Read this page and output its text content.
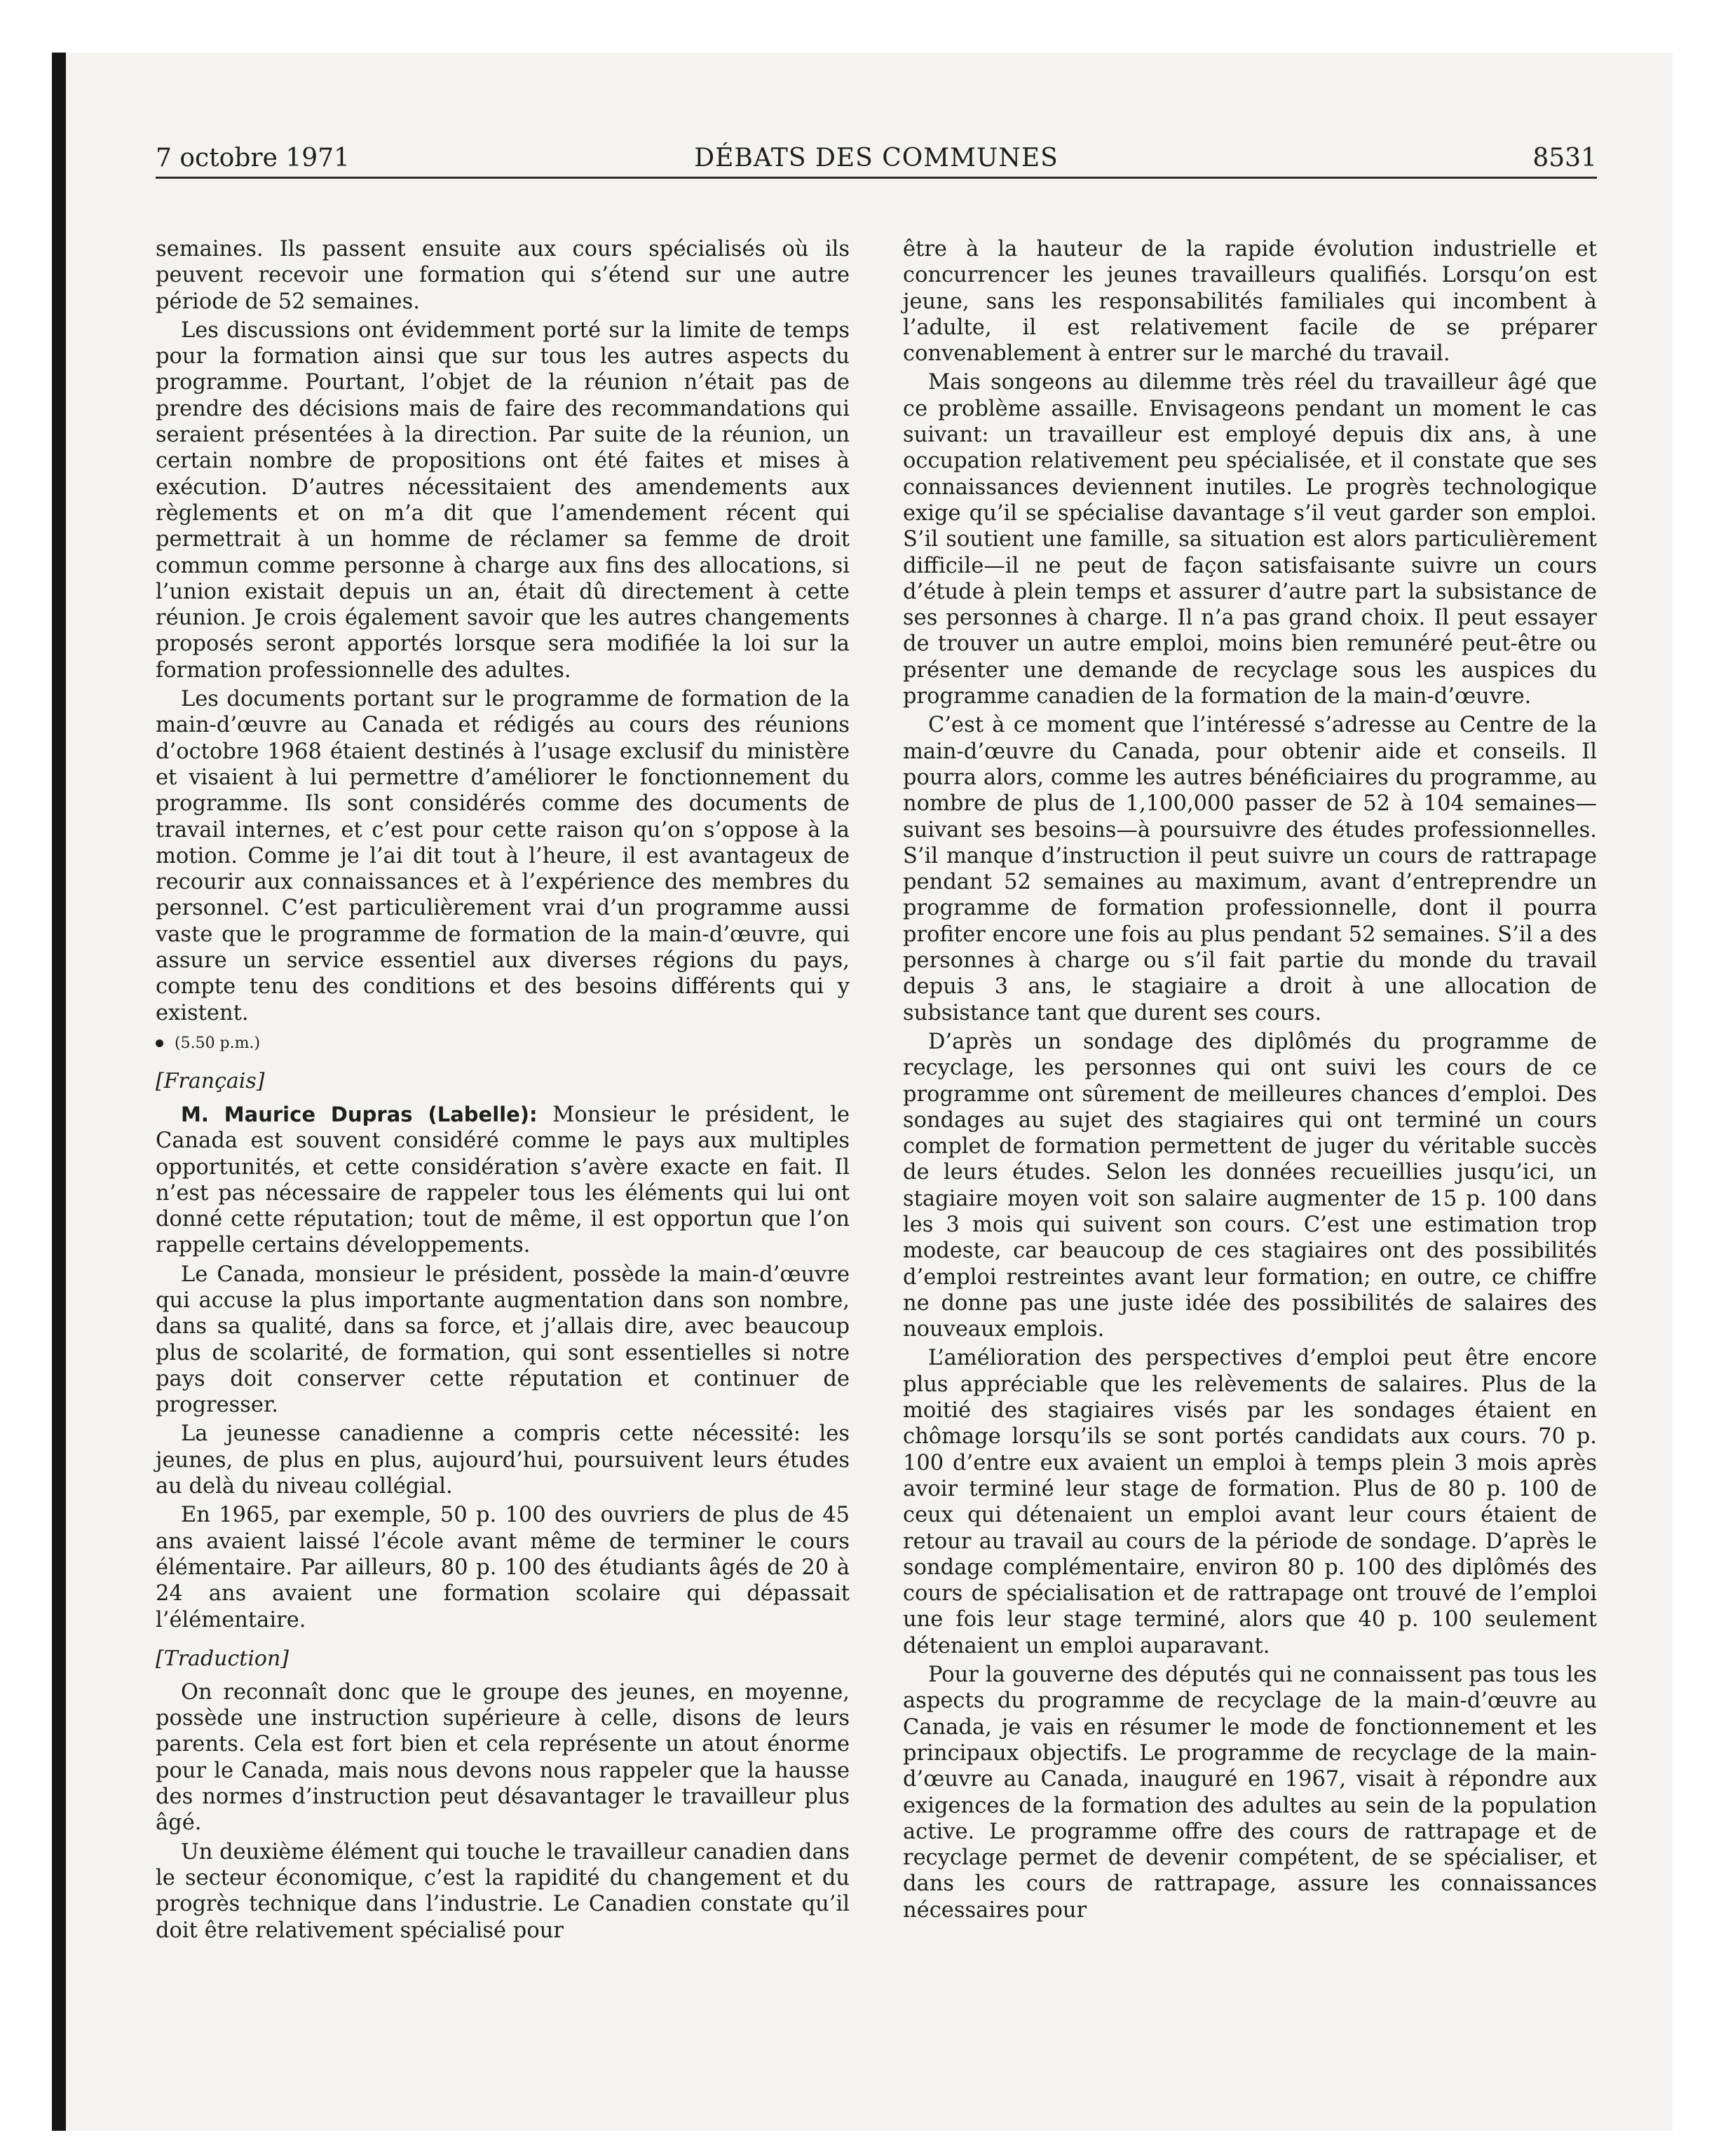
7 octobre 1971	DÉBATS DES COMMUNES	8531

semaines. Ils passent ensuite aux cours spécialisés où ils peuvent recevoir une formation qui s’étend sur une autre période de 52 semaines.

Les discussions ont évidemment porté sur la limite de temps pour la formation ainsi que sur tous les autres aspects du programme. Pourtant, l’objet de la réunion n’était pas de prendre des décisions mais de faire des recommandations qui seraient présentées à la direction. Par suite de la réunion, un certain nombre de propositions ont été faites et mises à exécution. D’autres nécessitaient des amendements aux règlements et on m’a dit que l’amendement récent qui permettrait à un homme de réclamer sa femme de droit commun comme personne à charge aux fins des allocations, si l’union existait depuis un an, était dû directement à cette réunion. Je crois également savoir que les autres changements proposés seront apportés lorsque sera modifiée la loi sur la formation professionnelle des adultes.

Les documents portant sur le programme de formation de la main-d’œuvre au Canada et rédigés au cours des réunions d’octobre 1968 étaient destinés à l’usage exclusif du ministère et visaient à lui permettre d’améliorer le fonctionnement du programme. Ils sont considérés comme des documents de travail internes, et c’est pour cette raison qu’on s’oppose à la motion. Comme je l’ai dit tout à l’heure, il est avantageux de recourir aux connaissances et à l’expérience des membres du personnel. C’est particulièrement vrai d’un programme aussi vaste que le programme de formation de la main-d’œuvre, qui assure un service essentiel aux diverses régions du pays, compte tenu des conditions et des besoins différents qui y existent.

(5.50 p.m.)
[Français]

M. Maurice Dupras (Labelle): Monsieur le président, le Canada est souvent considéré comme le pays aux multiples opportunités, et cette considération s’avère exacte en fait. Il n’est pas nécessaire de rappeler tous les éléments qui lui ont donné cette réputation; tout de même, il est opportun que l’on rappelle certains développements.

Le Canada, monsieur le président, possède la main-d’œuvre qui accuse la plus importante augmentation dans son nombre, dans sa qualité, dans sa force, et j’allais dire, avec beaucoup plus de scolarité, de formation, qui sont essentielles si notre pays doit conserver cette réputation et continuer de progresser.

La jeunesse canadienne a compris cette nécessité: les jeunes, de plus en plus, aujourd’hui, poursuivent leurs études au delà du niveau collégial.

En 1965, par exemple, 50 p. 100 des ouvriers de plus de 45 ans avaient laissé l’école avant même de terminer le cours élémentaire. Par ailleurs, 80 p. 100 des étudiants âgés de 20 à 24 ans avaient une formation scolaire qui dépassait l’élémentaire.

[Traduction]

On reconnaît donc que le groupe des jeunes, en moyenne, possède une instruction supérieure à celle, disons de leurs parents. Cela est fort bien et cela représente un atout énorme pour le Canada, mais nous devons nous rappeler que la hausse des normes d’instruction peut désavantager le travailleur plus âgé.

Un deuxième élément qui touche le travailleur canadien dans le secteur économique, c’est la rapidité du changement et du progrès technique dans l’industrie. Le Canadien constate qu’il doit être relativement spécialisé pour

être à la hauteur de la rapide évolution industrielle et concurrencer les jeunes travailleurs qualifiés. Lorsqu’on est jeune, sans les responsabilités familiales qui incombent à l’adulte, il est relativement facile de se préparer convenablement à entrer sur le marché du travail.

Mais songeons au dilemme très réel du travailleur âgé que ce problème assaille. Envisageons pendant un moment le cas suivant: un travailleur est employé depuis dix ans, à une occupation relativement peu spécialisée, et il constate que ses connaissances deviennent inutiles. Le progrès technologique exige qu’il se spécialise davantage s’il veut garder son emploi. S’il soutient une famille, sa situation est alors particulièrement difficile—il ne peut de façon satisfaisante suivre un cours d’étude à plein temps et assurer d’autre part la subsistance de ses personnes à charge. Il n’a pas grand choix. Il peut essayer de trouver un autre emploi, moins bien remunéré peut-être ou présenter une demande de recyclage sous les auspices du programme canadien de la formation de la main-d’œuvre.

C’est à ce moment que l’intéressé s’adresse au Centre de la main-d’œuvre du Canada, pour obtenir aide et conseils. Il pourra alors, comme les autres bénéficiaires du programme, au nombre de plus de 1,100,000 passer de 52 à 104 semaines—suivant ses besoins—à poursuivre des études professionnelles. S’il manque d’instruction il peut suivre un cours de rattrapage pendant 52 semaines au maximum, avant d’entreprendre un programme de formation professionnelle, dont il pourra profiter encore une fois au plus pendant 52 semaines. S’il a des personnes à charge ou s’il fait partie du monde du travail depuis 3 ans, le stagiaire a droit à une allocation de subsistance tant que durent ses cours.

D’après un sondage des diplômés du programme de recyclage, les personnes qui ont suivi les cours de ce programme ont sûrement de meilleures chances d’emploi. Des sondages au sujet des stagiaires qui ont terminé un cours complet de formation permettent de juger du véritable succès de leurs études. Selon les données recueillies jusqu’ici, un stagiaire moyen voit son salaire augmenter de 15 p. 100 dans les 3 mois qui suivent son cours. C’est une estimation trop modeste, car beaucoup de ces stagiaires ont des possibilités d’emploi restreintes avant leur formation; en outre, ce chiffre ne donne pas une juste idée des possibilités de salaires des nouveaux emplois.

L’amélioration des perspectives d’emploi peut être encore plus appréciable que les relèvements de salaires. Plus de la moitié des stagiaires visés par les sondages étaient en chômage lorsqu’ils se sont portés candidats aux cours. 70 p. 100 d’entre eux avaient un emploi à temps plein 3 mois après avoir terminé leur stage de formation. Plus de 80 p. 100 de ceux qui détenaient un emploi avant leur cours étaient de retour au travail au cours de la période de sondage. D’après le sondage complémentaire, environ 80 p. 100 des diplômés des cours de spécialisation et de rattrapage ont trouvé de l’emploi une fois leur stage terminé, alors que 40 p. 100 seulement détenaient un emploi auparavant.

Pour la gouverne des députés qui ne connaissent pas tous les aspects du programme de recyclage de la main-d’œuvre au Canada, je vais en résumer le mode de fonctionnement et les principaux objectifs. Le programme de recyclage de la main-d’œuvre au Canada, inauguré en 1967, visait à répondre aux exigences de la formation des adultes au sein de la population active. Le programme offre des cours de rattrapage et de recyclage permet de devenir compétent, de se spécialiser, et dans les cours de rattrapage, assure les connaissances nécessaires pour
